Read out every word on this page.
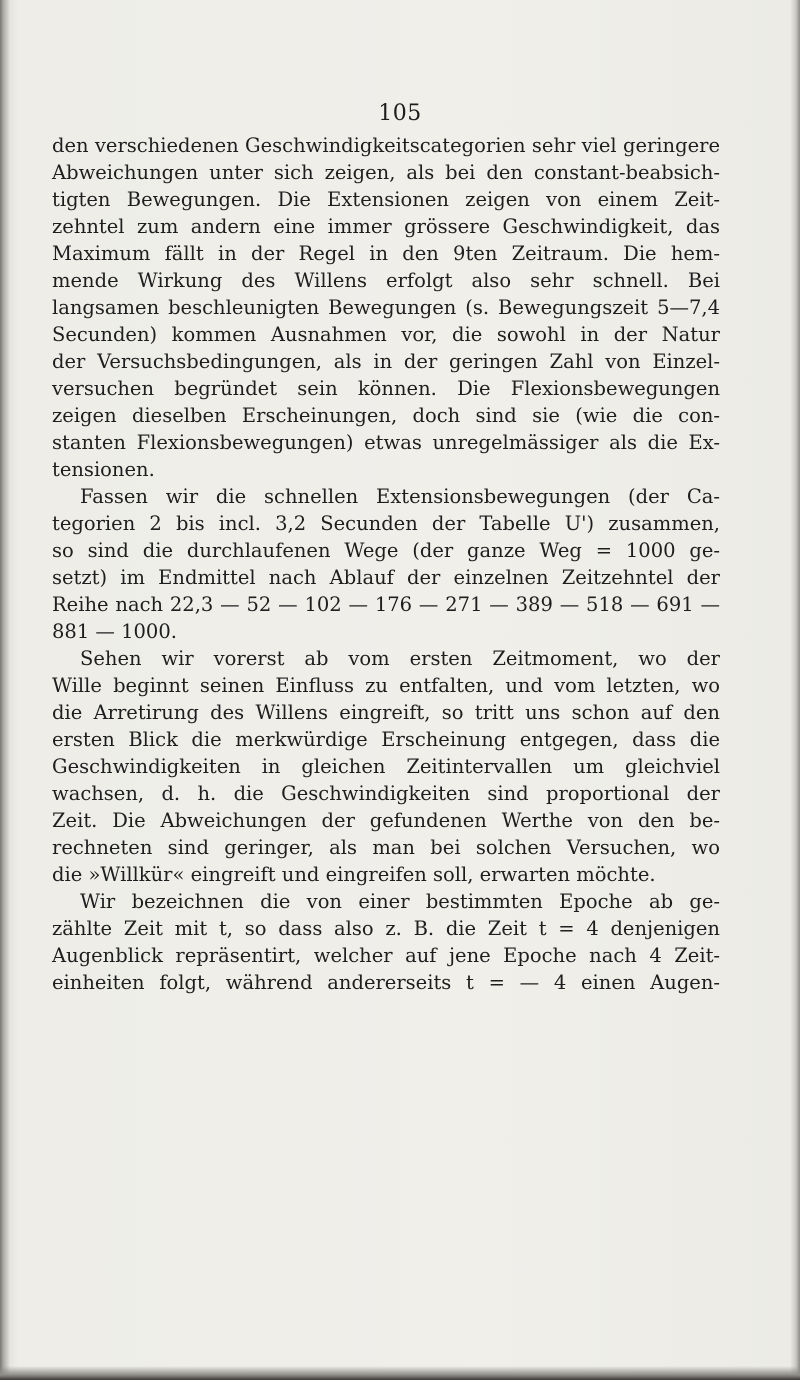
105
den verschiedenen Geschwindigkeitscategorien sehr viel geringere
Abweichungen unter sich zeigen, als bei den constant-beabsich-
tigten Bewegungen. Die Extensionen zeigen von einem Zeit-
zehntel zum andern eine immer grössere Geschwindigkeit, das
Maximum fällt in der Regel in den 9ten Zeitraum. Die hem-
mende Wirkung des Willens erfolgt also sehr schnell. Bei
langsamen beschleunigten Bewegungen (s. Bewegungszeit 5—7,4
Secunden) kommen Ausnahmen vor, die sowohl in der Natur
der Versuchsbedingungen, als in der geringen Zahl von Einzel-
versuchen begründet sein können. Die Flexionsbewegungen
zeigen dieselben Erscheinungen, doch sind sie (wie die con-
stanten Flexionsbewegungen) etwas unregelmässiger als die Ex-
tensionen.
Fassen wir die schnellen Extensionsbewegungen (der Ca-
tegorien 2 bis incl. 3,2 Secunden der Tabelle U') zusammen,
so sind die durchlaufenen Wege (der ganze Weg = 1000 ge-
setzt) im Endmittel nach Ablauf der einzelnen Zeitzehntel der
Reihe nach 22,3 — 52 — 102 — 176 — 271 — 389 — 518 — 691 —
881 — 1000.
Sehen wir vorerst ab vom ersten Zeitmoment, wo der
Wille beginnt seinen Einfluss zu entfalten, und vom letzten, wo
die Arretirung des Willens eingreift, so tritt uns schon auf den
ersten Blick die merkwürdige Erscheinung entgegen, dass die
Geschwindigkeiten in gleichen Zeitintervallen um gleichviel
wachsen, d. h. die Geschwindigkeiten sind proportional der
Zeit. Die Abweichungen der gefundenen Werthe von den be-
rechneten sind geringer, als man bei solchen Versuchen, wo
die »Willkür« eingreift und eingreifen soll, erwarten möchte.
Wir bezeichnen die von einer bestimmten Epoche ab ge-
zählte Zeit mit t, so dass also z. B. die Zeit t = 4 denjenigen
Augenblick repräsentirt, welcher auf jene Epoche nach 4 Zeit-
einheiten folgt, während andererseits t = — 4 einen Augen-
